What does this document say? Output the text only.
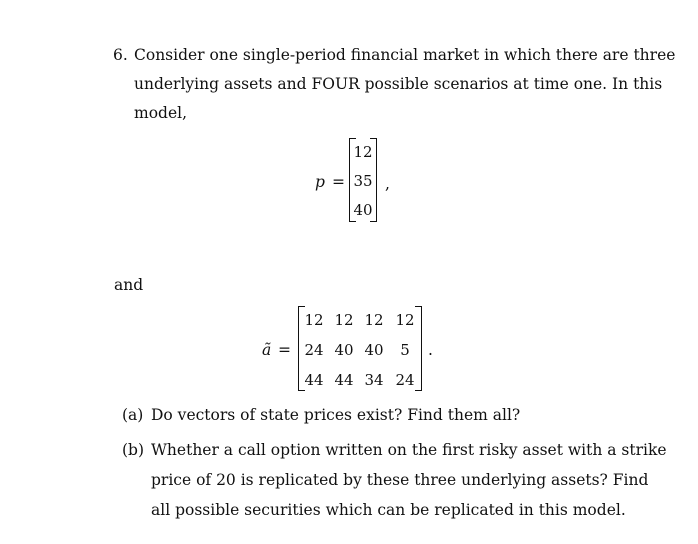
6. Consider one single-period financial market in which there are three
underlying assets and FOUR possible scenarios at time one. In this
model,
p =
12
35
40
,
and
ã =
12 12 12 12
24 40 40	5
44 44 34 24
.
(a) Do vectors of state prices exist? Find them all?
(b) Whether a call option written on the first risky asset with a strike
price of 20 is replicated by these three underlying assets? Find
all possible securities which can be replicated in this model.
